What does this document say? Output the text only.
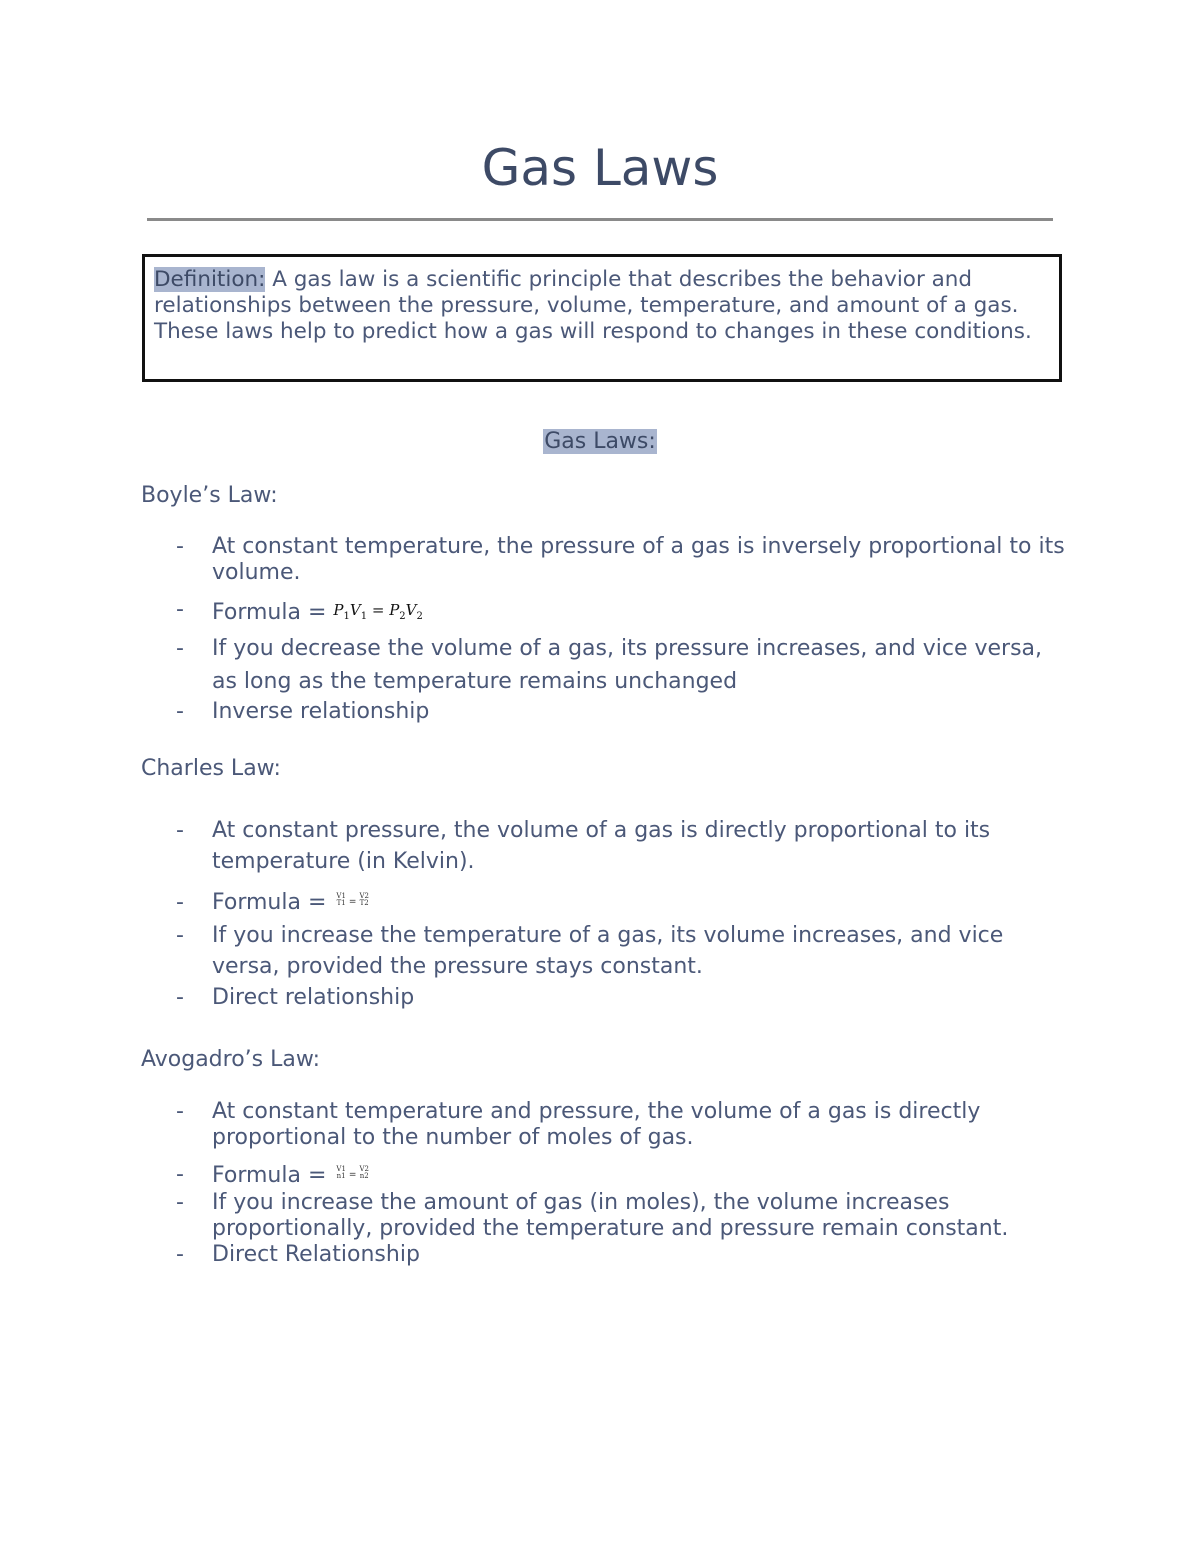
Gas Laws

Definition: A gas law is a scientific principle that describes the behavior and relationships between the pressure, volume, temperature, and amount of a gas. These laws help to predict how a gas will respond to changes in these conditions.

Gas Laws:

Boyle’s Law:

- At constant temperature, the pressure of a gas is inversely proportional to its volume.
- Formula = $P_1V_1 = P_2V_2$
- If you decrease the volume of a gas, its pressure increases, and vice versa, as long as the temperature remains unchanged
- Inverse relationship

Charles Law:

- At constant pressure, the volume of a gas is directly proportional to its temperature (in Kelvin).
- Formula = V1
T1 =V2
T2
- If you increase the temperature of a gas, its volume increases, and vice versa, provided the pressure stays constant.
- Direct relationship

Avogadro’s Law:

- At constant temperature and pressure, the volume of a gas is directly proportional to the number of moles of gas.
- Formula = V1
n1 =V2
n2
- If you increase the amount of gas (in moles), the volume increases proportionally, provided the temperature and pressure remain constant.
- Direct Relationship
